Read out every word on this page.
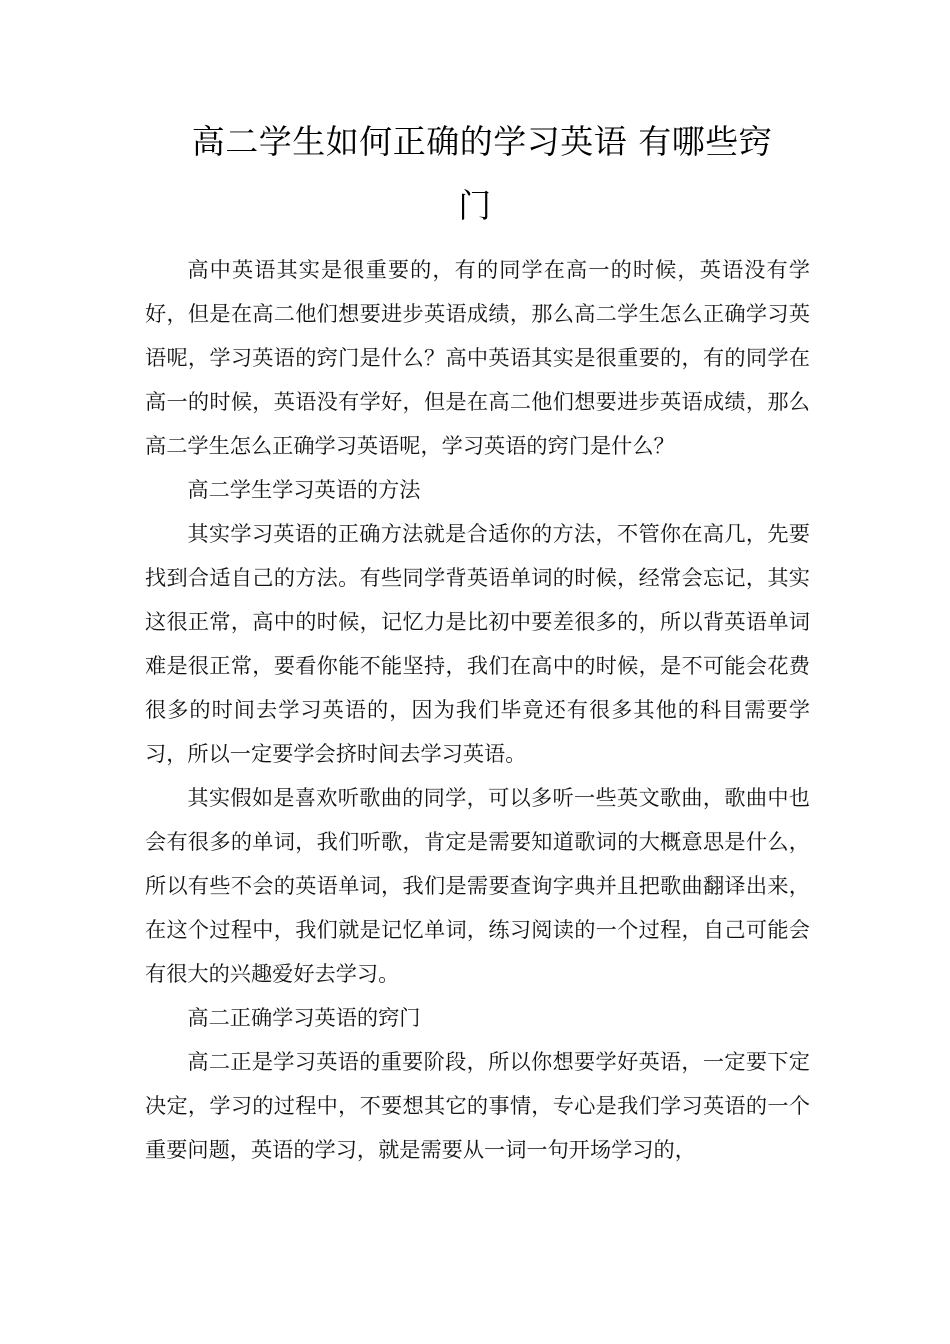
高二学生如何正确的学习英语 有哪些窍
门

高中英语其实是很重要的，有的同学在高一的时候，英语没有学好，但是在高二他们想要进步英语成绩，那么高二学生怎么正确学习英语呢，学习英语的窍门是什么？高中英语其实是很重要的，有的同学在高一的时候，英语没有学好，但是在高二他们想要进步英语成绩，那么高二学生怎么正确学习英语呢，学习英语的窍门是什么？

高二学生学习英语的方法

其实学习英语的正确方法就是合适你的方法，不管你在高几，先要找到合适自己的方法。有些同学背英语单词的时候，经常会忘记，其实这很正常，高中的时候，记忆力是比初中要差很多的，所以背英语单词难是很正常，要看你能不能坚持，我们在高中的时候，是不可能会花费很多的时间去学习英语的，因为我们毕竟还有很多其他的科目需要学习，所以一定要学会挤时间去学习英语。

其实假如是喜欢听歌曲的同学，可以多听一些英文歌曲，歌曲中也会有很多的单词，我们听歌，肯定是需要知道歌词的大概意思是什么，所以有些不会的英语单词，我们是需要查询字典并且把歌曲翻译出来，在这个过程中，我们就是记忆单词，练习阅读的一个过程，自己可能会有很大的兴趣爱好去学习。

高二正确学习英语的窍门

高二正是学习英语的重要阶段，所以你想要学好英语，一定要下定决定，学习的过程中，不要想其它的事情，专心是我们学习英语的一个重要问题，英语的学习，就是需要从一词一句开场学习的，
